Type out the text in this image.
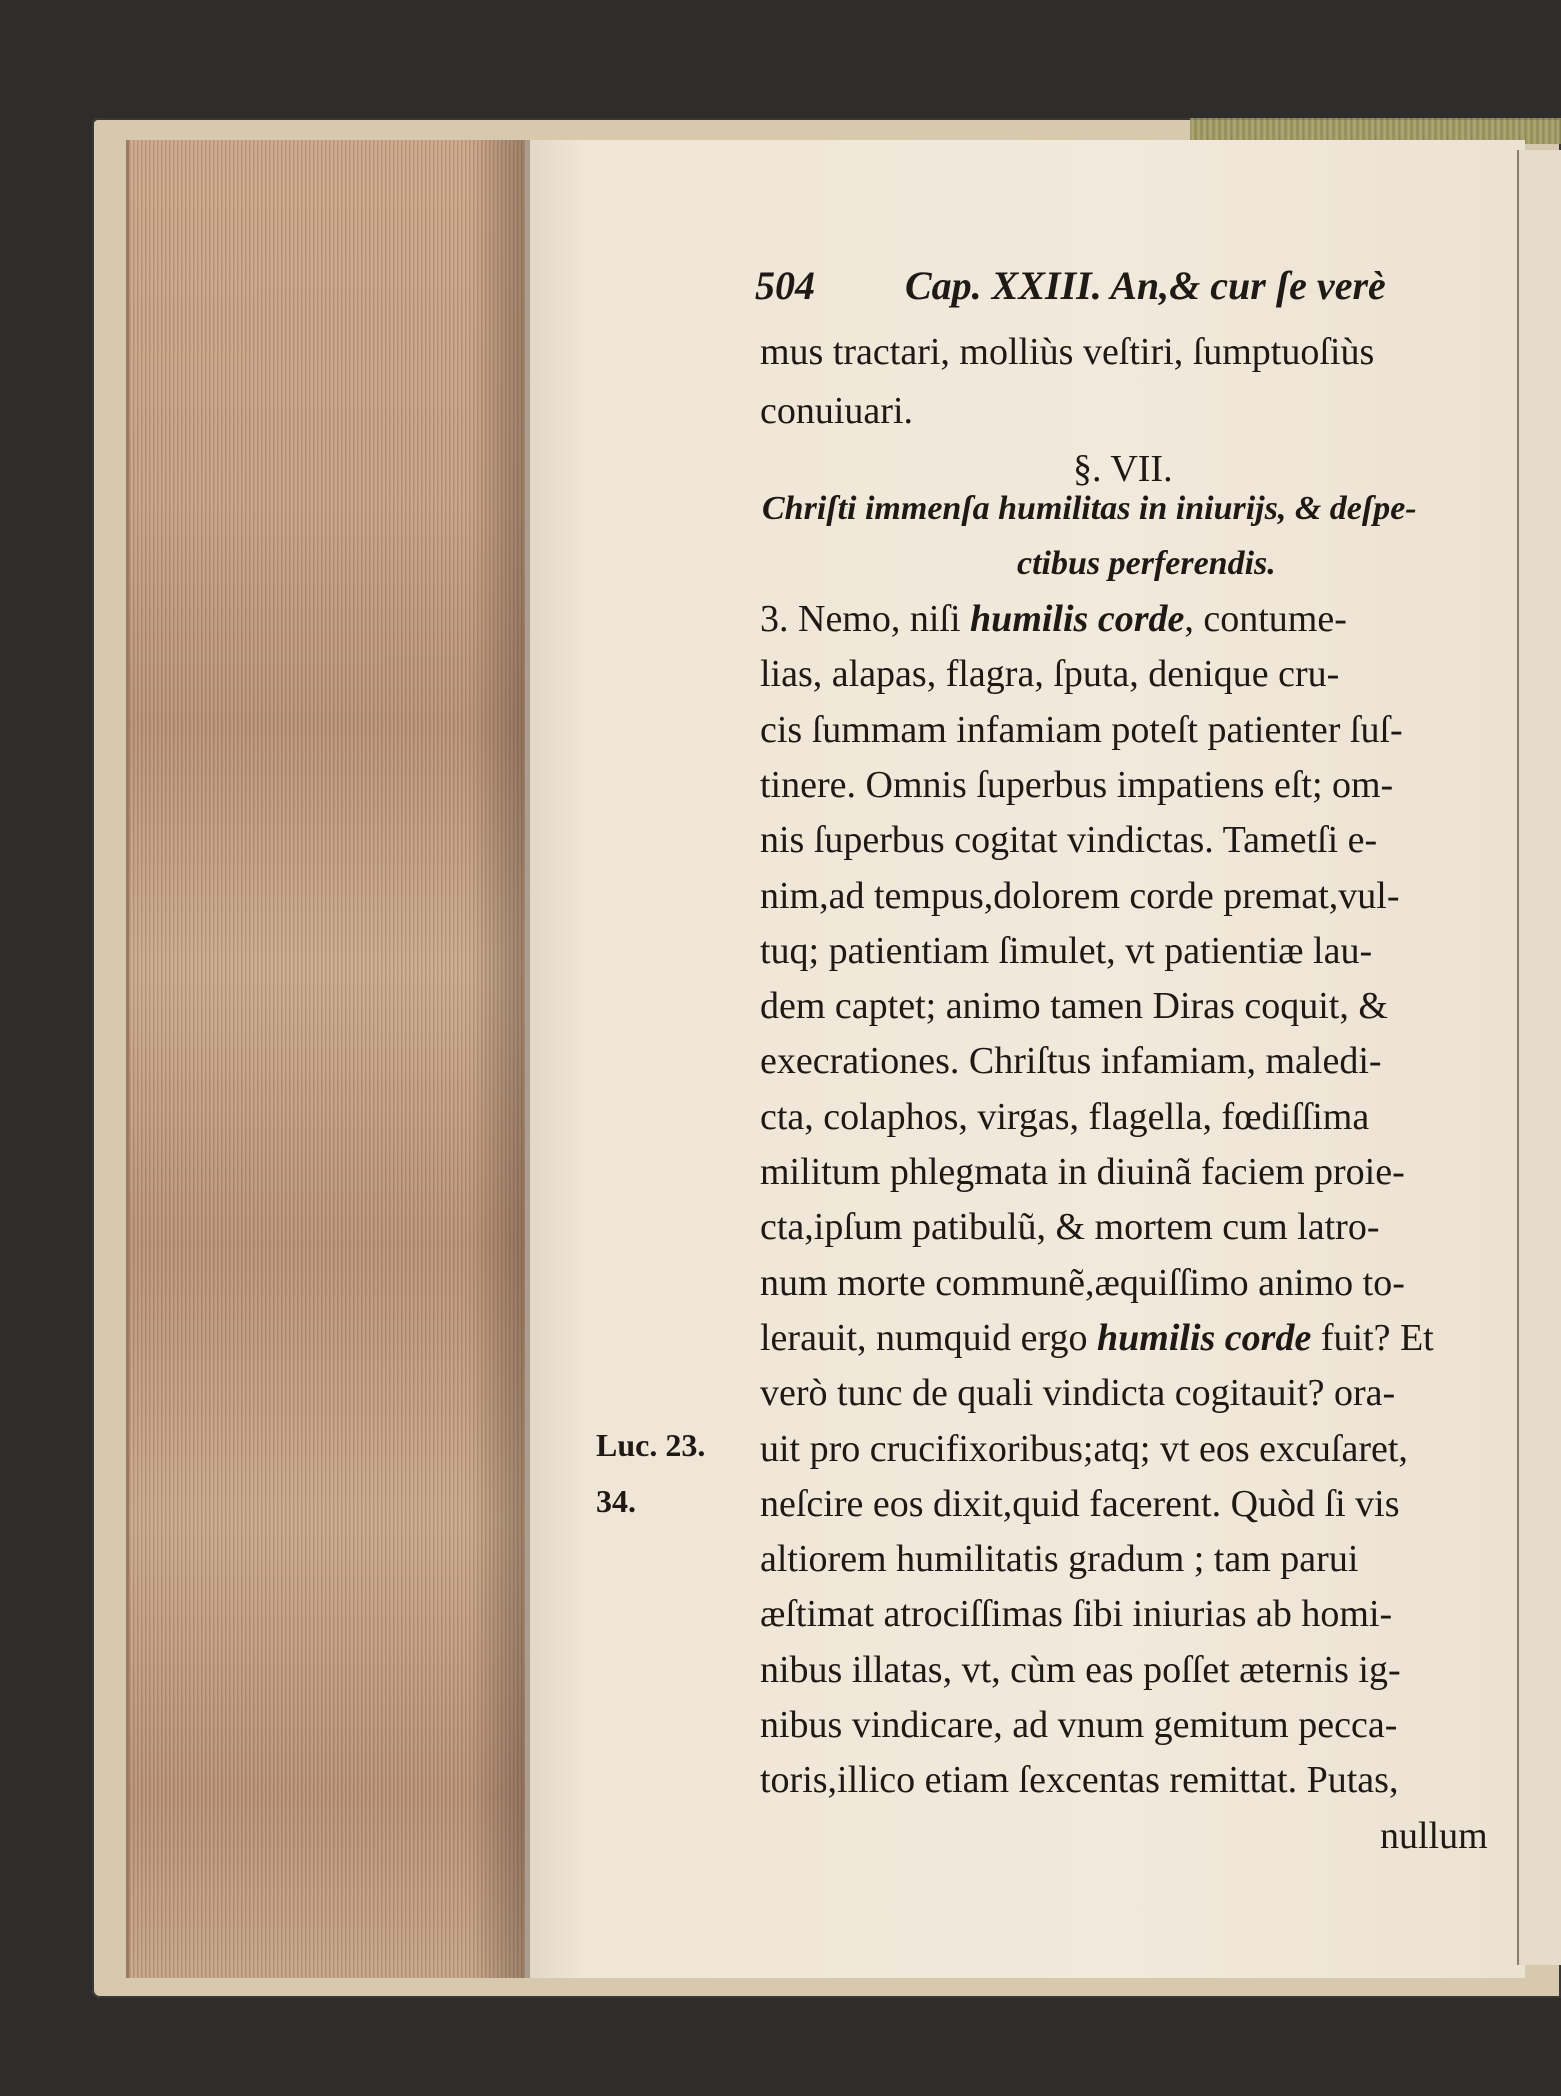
504 Cap. XXIII. An,& cur ſe verè
mus tractari, molliùs veſtiri, ſumptuoſiùs
conuiuari.
§. VII.
Chriſti immenſa humilitas in iniurijs, & deſpe-
ctibus perferendis.
3. Nemo, niſi humilis corde, contume-
lias, alapas, flagra, ſputa, denique cru-
cis ſummam infamiam poteſt patienter ſuſ-
tinere. Omnis ſuperbus impatiens eſt; om-
nis ſuperbus cogitat vindictas. Tametſi e-
nim,ad tempus,dolorem corde premat,vul-
tuq; patientiam ſimulet, vt patientiæ lau-
dem captet; animo tamen Diras coquit, &
execrationes. Chriſtus infamiam, maledi-
cta, colaphos, virgas, flagella, fœdiſſima
militum phlegmata in diuinã faciem proie-
cta,ipſum patibulũ, & mortem cum latro-
num morte communẽ,æquiſſimo animo to-
lerauit, numquid ergo humilis corde fuit? Et
verò tunc de quali vindicta cogitauit? ora-
uit pro crucifixoribus;atq; vt eos excuſaret,
neſcire eos dixit,quid facerent. Quòd ſi vis
altiorem humilitatis gradum ; tam parui
æſtimat atrociſſimas ſibi iniurias ab homi-
nibus illatas, vt, cùm eas poſſet æternis ig-
nibus vindicare, ad vnum gemitum pecca-
toris,illico etiam ſexcentas remittat. Putas,
nullum
Luc. 23.
34.
